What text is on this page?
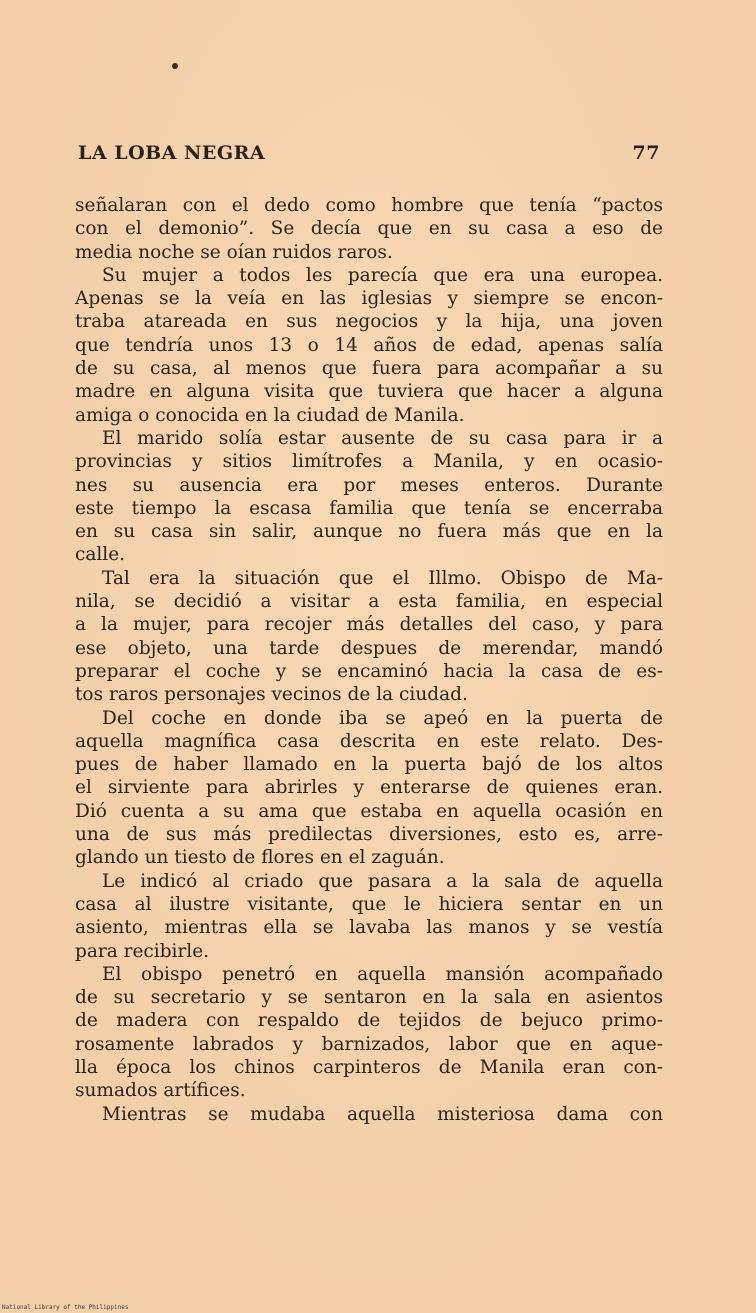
LA LOBA NEGRA	77
señalaran con el dedo como hombre que tenía “pactos
con el demonio”. Se decía que en su casa a eso de
media noche se oían ruidos raros.
Su mujer a todos les parecía que era una europea.
Apenas se la veía en las iglesias y siempre se encon-
traba atareada en sus negocios y la hija, una joven
que tendría unos 13 o 14 años de edad, apenas salía
de su casa, al menos que fuera para acompañar a su
madre en alguna visita que tuviera que hacer a alguna
amiga o conocida en la ciudad de Manila.
El marido solía estar ausente de su casa para ir a
provincias y sitios limítrofes a Manila, y en ocasio-
nes su ausencia era por meses enteros. Durante
este tiempo la escasa familia que tenía se encerraba
en su casa sin salir, aunque no fuera más que en la
calle.
Tal era la situación que el Illmo. Obispo de Ma-
nila, se decidió a visitar a esta familia, en especial
a la mujer, para recojer más detalles del caso, y para
ese objeto, una tarde despues de merendar, mandó
preparar el coche y se encaminó hacia la casa de es-
tos raros personajes vecinos de la ciudad.
Del coche en donde iba se apeó en la puerta de
aquella magnífica casa descrita en este relato. Des-
pues de haber llamado en la puerta bajó de los altos
el sirviente para abrirles y enterarse de quienes eran.
Dió cuenta a su ama que estaba en aquella ocasión en
una de sus más predilectas diversiones, esto es, arre-
glando un tiesto de flores en el zaguán.
Le indicó al criado que pasara a la sala de aquella
casa al ilustre visitante, que le hiciera sentar en un
asiento, mientras ella se lavaba las manos y se vestía
para recibirle.
El obispo penetró en aquella mansión acompañado
de su secretario y se sentaron en la sala en asientos
de madera con respaldo de tejidos de bejuco primo-
rosamente labrados y barnizados, labor que en aque-
lla época los chinos carpinteros de Manila eran con-
sumados artífices.
Mientras se mudaba aquella misteriosa dama con
National Library of the Philippines
